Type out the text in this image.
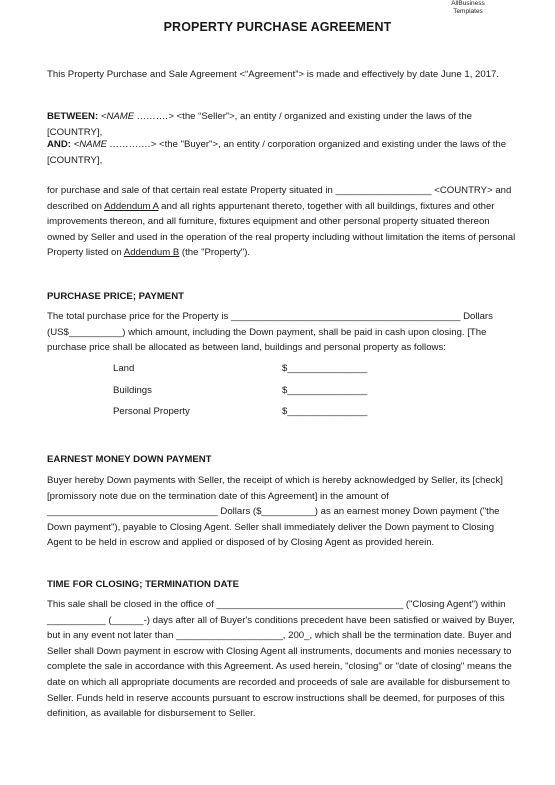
AllBusiness
Templates
PROPERTY PURCHASE AGREEMENT
This Property Purchase and Sale Agreement <“Agreement”> is made and effectively by date June 1, 2017.
BETWEEN: <NAME ……….> <the “Seller”>, an entity / organized and existing under the laws of the [COUNTRY],
AND: <NAME ………….> <the "Buyer">, an entity / corporation organized and existing under the laws of the [COUNTRY],
for purchase and sale of that certain real estate Property situated in __________________ <COUNTRY> and described on Addendum A and all rights appurtenant thereto, together with all buildings, fixtures and other improvements thereon, and all furniture, fixtures equipment and other personal property situated thereon owned by Seller and used in the operation of the real property including without limitation the items of personal Property listed on Addendum B (the "Property").
PURCHASE PRICE; PAYMENT
The total purchase price for the Property is ___________________________________________ Dollars (US$__________) which amount, including the Down payment, shall be paid in cash upon closing. [The purchase price shall be allocated as between land, buildings and personal property as follows:
Land	$_______________
Buildings	$_______________
Personal Property	$_______________
EARNEST MONEY DOWN PAYMENT
Buyer hereby Down payments with Seller, the receipt of which is hereby acknowledged by Seller, its [check] [promissory note due on the termination date of this Agreement] in the amount of ________________________________ Dollars ($__________) as an earnest money Down payment ("the Down payment"), payable to Closing Agent. Seller shall immediately deliver the Down payment to Closing Agent to be held in escrow and applied or disposed of by Closing Agent as provided herein.
TIME FOR CLOSING; TERMINATION DATE
This sale shall be closed in the office of ___________________________________ ("Closing Agent") within ___________ (______-) days after all of Buyer's conditions precedent have been satisfied or waived by Buyer, but in any event not later than ____________________, 200_, which shall be the termination date. Buyer and Seller shall Down payment in escrow with Closing Agent all instruments, documents and monies necessary to complete the sale in accordance with this Agreement. As used herein, "closing" or "date of closing" means the date on which all appropriate documents are recorded and proceeds of sale are available for disbursement to Seller. Funds held in reserve accounts pursuant to escrow instructions shall be deemed, for purposes of this definition, as available for disbursement to Seller.
